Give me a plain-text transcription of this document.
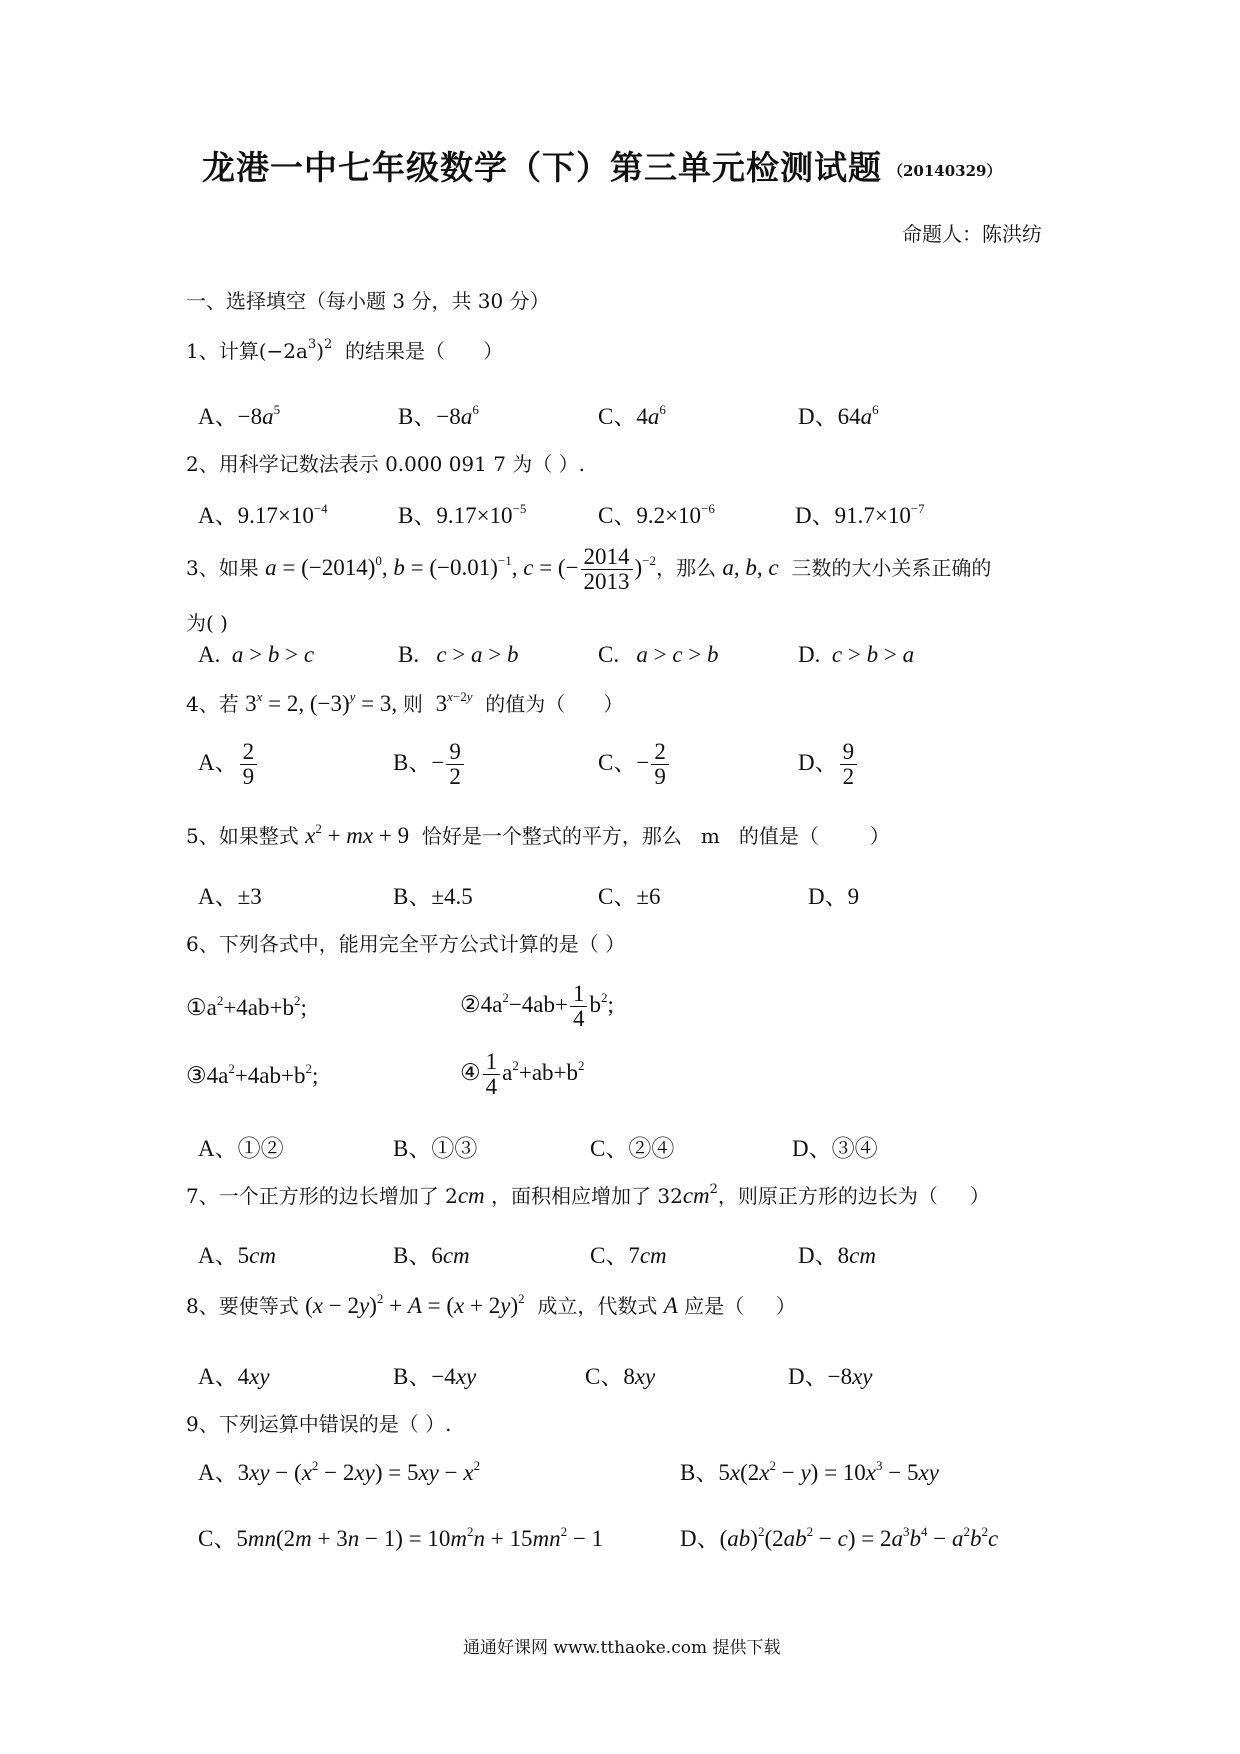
龙港一中七年级数学（下）第三单元检测试题 （20140329）
命题人：陈洪纺
一、选择填空（每小题 3 分，共 30 分）
1、计算$(-2a^3)^2$  的结果是（      ）
A、$-8a^5$	B、$-8a^6$	C、$4a^6$	D、$64a^6$
2、用科学记数法表示 0.000 091 7 为（ ）.
A、$9.17\times 10^{-4}$	B、$9.17\times 10^{-5}$	C、$9.2\times 10^{-6}$	D、$91.7\times 10^{-7}$
3、如果 $a = (-2014)^0$, $b = (-0.01)^{-1}$, c = (− $\frac{2014}{2013} )^{-2}$，那么 a, b, c  三数的大小关系正确的
为( )
A.  a > b > c	B.   c > a > b	C.   a > c > b	D.  c > b > a
4、若 $3^x = 2$, $(-3)^y = 3$, 则  $3^{x-2y}$  的值为（      ）
A、 $\frac{2}{9}$	B、− $\frac{9}{2}$	C、− $\frac{2}{9}$	D、 $\frac{9}{2}$
5、如果整式 $x^2$ + mx + 9  恰好是一个整式的平方，那么   m   的值是（        ）
A、±3	B、±4.5	C、±6	D、9
6、下列各式中，能用完全平方公式计算的是（ ）
$①a^2+4ab+b^2$;	$②4a^2-4ab+ \frac{1}{4} b^2$;
$③4a^2+4ab+b^2$;	④ $\frac{1}{4} a^2+ab+b^2$
A、①②	B、①③	C、②④	D、③④
7、一个正方形的边长增加了 2cm ，面积相应增加了 $32cm^2$，则原正方形的边长为（     ）
A、5cm	B、6cm	C、7cm	D、8cm
8、要使等式 $(x - 2y)^2 + A = (x + 2y)^2$  成立，代数式 A 应是（     ）
A、4xy	B、−4xy	C、8xy	D、−8xy
9、下列运算中错误的是（ ）.
A、$3xy - (x^2 - 2xy) = 5xy - x^2$	B、$5x(2x^2 - y) = 10x^3 - 5xy$
C、$5mn(2m + 3n - 1) = 10m^2n + 15mn^2 - 1$	D、$(ab)^2(2ab^2 - c) = 2a^3b^4 - a^2b^2c$
通通好课网 www.tthaoke.com 提供下载
